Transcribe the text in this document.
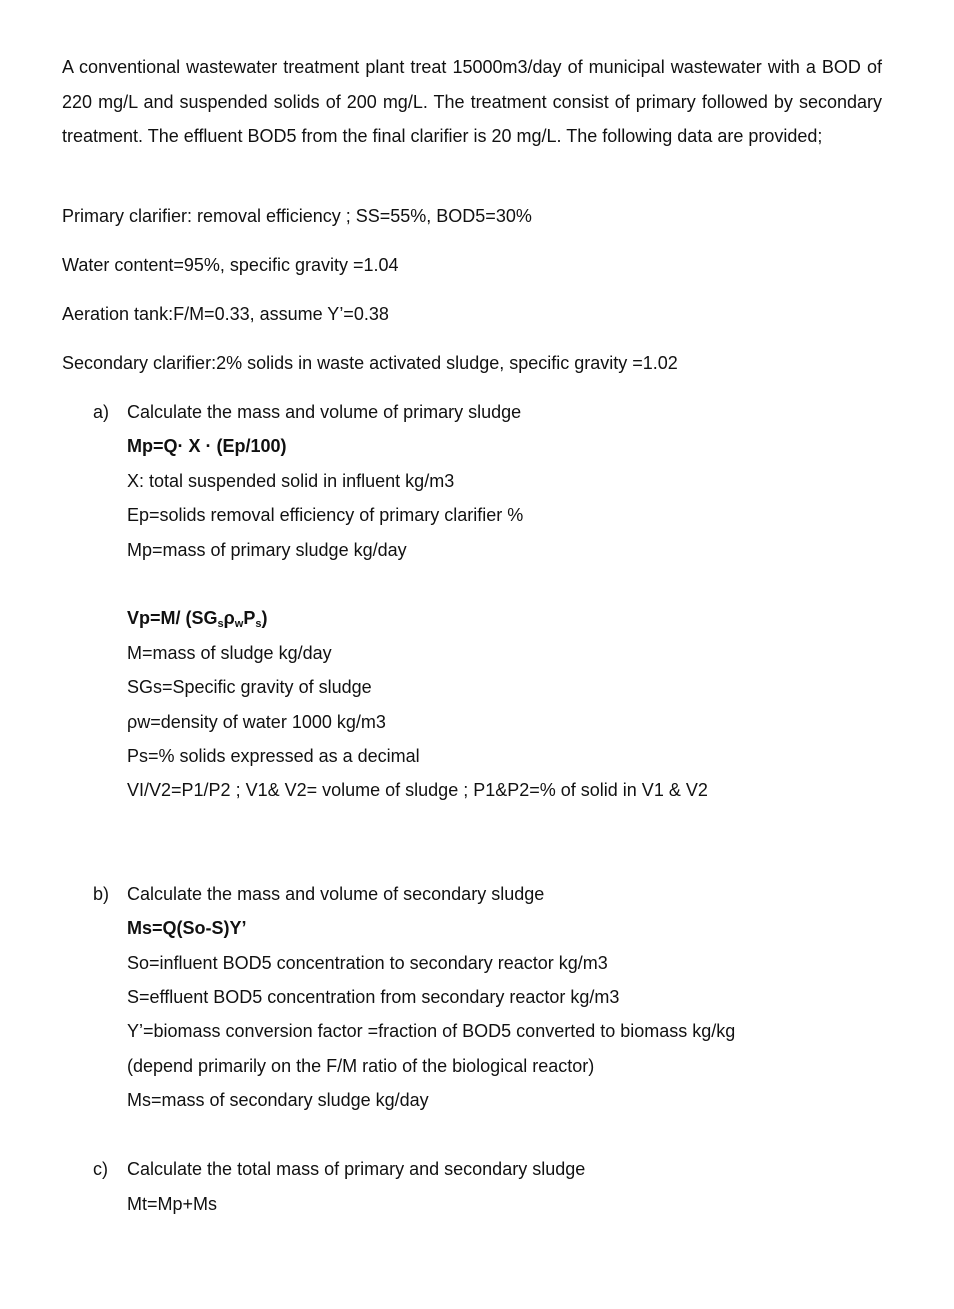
A conventional wastewater treatment plant treat 15000m3/day of municipal wastewater with a BOD of 220 mg/L and suspended solids of 200 mg/L. The treatment consist of primary followed by secondary treatment. The effluent BOD5 from the final clarifier is 20 mg/L. The following data are provided;
Primary clarifier: removal efficiency ; SS=55%, BOD5=30%
Water content=95%, specific gravity =1.04
Aeration tank:F/M=0.33, assume Y’=0.38
Secondary clarifier:2% solids in waste activated sludge, specific gravity =1.02
a) Calculate the mass and volume of primary sludge
Mp=Q· X · (Ep/100)
X: total suspended solid in influent kg/m3
Ep=solids removal efficiency of primary clarifier %
Mp=mass of primary sludge kg/day
Vp=M/ $(SG_s\rho_wP_s)$
M=mass of sludge kg/day
SGs=Specific gravity of sludge
ρw=density of water 1000 kg/m3
Ps=% solids expressed as a decimal
VI/V2=P1/P2 ; V1& V2= volume of sludge ; P1&P2=% of solid in V1 & V2
b) Calculate the mass and volume of secondary sludge
Ms=Q(So-S)Y’
So=influent BOD5 concentration to secondary reactor kg/m3
S=effluent BOD5 concentration from secondary reactor kg/m3
Y’=biomass conversion factor =fraction of BOD5 converted to biomass kg/kg
(depend primarily on the F/M ratio of the biological reactor)
Ms=mass of secondary sludge kg/day
c) Calculate the total mass of primary and secondary sludge
Mt=Mp+Ms
